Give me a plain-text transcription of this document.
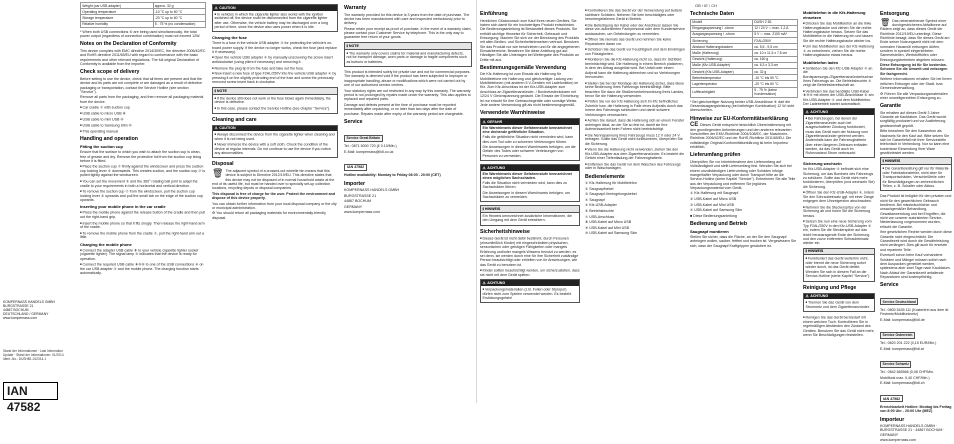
KOMPERNASS HANDELS GMBH
BURGSTRASSE 21
44867 BOCHUM
DEUTSCHLAND / GERMANY
www.kompernass.com
Stand der Informationen · Last Information Update · Stand der Informationen: 01/2014
Ident.-No.: DUSHB1-012014-1
IAN 47582
Weight (car USB adapter)	approx. 32 g
Operating temperature	-10 °C up to 50 °C
Storage temperature	-20 °C up to 60 °C
Relative humidity	5 - 75 % (no condensation)
* When both USB connections ⑥ are being used simultaneously, the total power output (regardless of connection combination) must not exceed 12W.
Notes on the Declaration of Conformity
This device complies with EMC directive 2014/30/EC, the directive 2006/42/EC and RoHS directive 2011/65/EU with regard to conformance with the basic requirements and other relevant regulations. The full original Declaration of Conformity is available from the importer.
Check scope of delivery
Before setting to use the device, check that all items are present and that the device and its parts are not complete or are damaged as a result of defective packaging or transportation, contact the Service Hotline (see section "Service").
Remove all parts from the packaging, and then remove all packaging material from the device.
■ Car cradle ⑦ with suction cup
■ USB cable to micro USB ⑧
■ USB cable to mini USB ⑨
■ USB cable to Samsung Slim ⑩
■ This operating manual
Handling and operation
Fitting the suction cup
Ensure that the surface to which you wish to attach the suction cup is clean, free of grease and dry. Remove the protective foil from the suction cup lining before it is fitted.
■ Place the suction cup ⑦ firmly against the windscreen and press the suction cup locking lever ② downwards. This creates suction, and the suction cup ⑦ is pulled tightly against the windscreen.
■ You can set the movement ③ and the 360° rotating ball joint to adapt the cradle to your requirements in both a horizontal and vertical direction.
■ To remove the suction cup ⑦ from the windscreen, pull the suction cup locking lever ② upwards and pull the small tab on the edge of the suction cup upwards.
Inserting your mobile phone in the car cradle
■ Press the mobile phone against the release button of the cradle and then pull out the right-hand grip.
■ Insert the mobile phone so that it fits snugly. Then release the right-hand arm of the cradle.
■ To remove the mobile phone from the cradle ⑦, pull the right-hand arm out a little.
Charging the mobile phone
■ Connect the adapter USB cable ⑧ to your vehicle cigarette lighter socket (cigarette lighter). The signal lamp ⑤ indicates that the device is ready for operation.
■ Connect the required USB cable ⑧⑨⑩ to one of the USB connections ⑥ on the car USB adapter ④ and the mobile phone. The charging function starts automatically.
⚠ CAUTION
■ In vehicles in which the cigarette lighter also works with the ignition switched off, the device must be disconnected from the cigarette lighter after use. Otherwise, the vehicle battery may be discharged over a long period of time, since the device also uses power when it is idle.
Changing the fuse
There is a fuse in the vehicle USB adapter ④ for protecting the vehicle's on-board power supply. If the device no longer works, check the fuse (and replace it if necessary).
■ Open the vehicle USB adapter ④ by manually unscrewing the screw insert anticlockwise (using pliers if necessary) and removing it.
■ Remove the plug tip from the fuse and take out the fuse.
■ Now insert a new fuse of type F2AL/250V into the vehicle USB adapter ④ by pressing it on the slightly protruding end of the fuse and screw the previously removed screw insert back in clockwise.
ℹ NOTE
■ If the device still does not work or the fuse blows again immediately, the device is defective.
■ In this case, please contact the Service Hotline (see chapter "Service").
Cleaning and care
⚠ CAUTION
■ Always disconnect the device from the cigarette lighter when cleaning and when it is not being used.
■ Never immerse the device with a soft cloth. Check the condition of the device at regular intervals. Do not continue to use the device if you notice any abnormalities.
Disposal
🗑 The adjacent symbol of a crossed-out wheelie bin means that this device is subject to Directive 2012/19/EU. This directive states that this device may not be disposed of in normal household waste at the end of its useful life, but must be handed over to specially set-up collection locations, recycling depots or disposal companies.
This disposal is free of charge for the user. Protect the environment and dispose of this device properly.
You can obtain further information from your local disposal company or the city or municipal administration.
♻ You should return all packaging materials for environmentally-friendly disposal.
Warranty
The warranty provided for this device is 3 years from the date of purchase. The device has been manufactured with care and inspected meticulously prior to delivery.
Please retain your receipt as proof of purchase. In the event of a warranty claim, please contact your Customer Service by telephone. This is the only way to guarantee free return of your goods.
ℹ NOTE
■ The warranty only covers claims for material and manufacturing defects, not for transport damage, worn parts or damage to fragile components such as buttons or batteries.
This product is intended solely for private use and not for commercial purposes. The warranty is deemed void if the product has been subjected to improper or inappropriate handling, abuse or modifications which were not carried out by one of our authorised service centres.
Your statutory rights are not restricted in any way by this warranty. The warranty period is not prolonged by repairs made under the warranty. This also applies to replaced and repaired parts.
Damage and defects present at the time of purchase must be reported immediately after unpacking, or no later than two days after the date of purchase. Repairs made after expiry of the warranty period are chargeable.
Service
Service Great Britain
Tel.: 0871 5000 720 (£ 0.10/Min.)
E-Mail: kompernass@lidl.co.uk
IAN 47582
Hotline availability: Monday to Friday 08:00 - 20:00 (CET)
Importer
KOMPERNASS HANDELS GMBH
BURGSTRASSE 21
44867 BOCHUM
GERMANY
www.kompernass.com
GB / IE / CH
Einführung
Herzlichen Glückwunsch zum Kauf Ihres neuen Gerätes. Sie haben sich damit für ein hochwertiges Produkt entschieden. Die Bedienungsanleitung ist Bestandteil dieses Produkts. Sie enthält wichtige Hinweise für Sicherheit, Gebrauch und Entsorgung. Machen Sie sich vor der Benutzung des Produkts mit allen Bedien- und Sicherheitshinweisen vertraut. Benutzen Sie das Produkt nur wie beschrieben und für die angegebenen Einsatzbereiche. Bewahren Sie diese Anleitung gut auf. Händigen Sie alle Unterlagen bei Weitergabe des Produkts an Dritte mit aus.
Bestimmungsgemäße Verwendung
Die Kfz-Halterung ist zum Einsatz als Halterung für Mobiltelefone mit Halterung und gleichzeitiger Ladung von Mobiltelefonen (mit anderen 5 V-Geräten mit Ladefunktion) im Kfz. Zum Kfz-Anschluss ist der Kfz-USB-Adapter zum Anschluss an Zigarettenanzünder- / Bordnetzsteckdosen mit 12/24 V Gleichspannung gedacht. Die Einsatz der Einrichtung ist nur erlaubt für Ihre Gebrauchsgeräte oder sonstige Weise. Jede andere Verwendung gilt als nicht bestimmungsgemäß.
Verwendete Warnhinweise
⚠ GEFAHR
Ein Warnhinweis dieser Gefahrenstufe kennzeichnet eine drohende gefährliche Situation.
Falls die gefährliche Situation nicht vermieden wird, kann dies zum Tod oder zu schweren Verletzungen führen.
Die Anweisungen in diesem Warnhinweis befolgen, um die Gefahr des Todes oder schwerer Verletzungen von Personen zu vermeiden.
⚠ ACHTUNG
Ein Warnhinweis dieser Gefahrenstufe kennzeichnet einen möglichen Sachschaden.
Falls die Situation nicht vermieden wird, kann dies zu Sachschäden führen.
Die Anweisungen in diesem Warnhinweis befolgen, um Sachschäden zu vermeiden.
ℹ HINWEIS
Ein Hinweis kennzeichnet zusätzliche Informationen, die den Umgang mit dem Gerät erleichtern.
Sicherheitshinweise
■ Dieses Gerät ist nicht dafür bestimmt, durch Personen (einschließlich Kinder) mit eingeschränkten physischen, sensorischen oder geistigen Fähigkeiten oder mangels Erfahrung und/oder mangels Wissens benutzt zu werden, es sei denn, sie werden durch eine für ihre Sicherheit zuständige Person beaufsichtigt oder erhielten von ihr Anweisungen, wie das Gerät zu benutzen ist.
■ Kinder sollten beaufsichtigt werden, um sicherzustellen, dass sie nicht mit dem Gerät spielen.
⚠ ACHTUNG
■ Verpackungsmaterialien (z.B. Folien oder Styropor) dürfen nicht zum Spielen verwendet werden. Es besteht Erstickungsgefahr!
■ Kontrollieren Sie das Gerät vor der Verwendung auf äußere sichtbare Schäden. Nehmen Sie kein beschädigtes oder heruntergefallenes Gerät in Betrieb.
■ Die Befestigung der Kabel oder der Anschluss lassen Sie diese von autorisierten Fachpersonal oder dem Kundenservice austauschen, um Gefahrdungen zu vermeiden.
■ Öffnen Sie niemals das Gerät und nehmen Sie keine Reparaturen daran vor.
■ Schützen Sie das Gerät vor Feuchtigkeit und dem Eindringen von Flüssigkeiten.
■ Montieren Sie die Kfz-Halterung nicht so, dass Ihr Sichtfeld beeinträchtigt wird. Die Halterung in einem Bereich platzieren, in dem der Airbag ausgelöst wird. Bei Unfall oder einem Aufprall kann die Halterung abbrechen und so Verletzungen hervorrufen.
■ Stellen Sie bei der Montage der Halterung sicher, dass diese keine Bedienung Ihres Fahrzeugs beeinträchtigt. Bitte beachten Sie dazu die Straßenverkehrsordnung Ihres Landes, bevor Sie die Halterung verwenden.
■ Prüfen Sie vor der Kfz-Halterung sich im Kfz befindliches Zubehör bzw. die Halterung in Falle eines Aufpralls durch das Innere des Fahrzeugs schleudern und damit schwere Verletzungen verursachen.
■ Achten Sie darauf, dass die Halterung sich an einem Fenster anbringen lässt, an der Sie so fest ist, damit sie Ihre Aufmerksamkeit beim Fahren nicht beeinträchtigt.
■ Die Nennspannung Ihres Fahrzeugs muss 12 V oder 24 V betragen. Sollte das Gerät nicht funktionieren, überprüfen Sie die Sicherung.
■ Wenn Sie die Halterung nicht verwenden, ziehen Sie den Kfz-USB-Adapter aus dem Zigarettenanzünder. Es besteht die Gefahr einer Tiefentladung der Fahrzeugbatterie.
■ Entfernen Sie das Gerät vor dem Waschen des Fahrzeugs oder in Waschanlagen.
Bedienelemente
① Kfz-Halterung für Mobiltelefon
② Saugnapfhebel
③ Saugnapf-Verriegelungshebel
④ Saugnapf
⑤ Kfz-USB-Adapter
⑥ Betriebsleuchte
⑦ USB-Anschluss
⑧ USB-Kabel auf Micro USB
⑨ USB-Kabel auf Mini USB
⑩ USB-Kabel auf Samsung Slim
Technische Daten
Modell	DUSH 2 B1
Eingangsspannung / -strom	12 / 24 V ⎓ max. 1,2 A
Ausgangsspannung / -strom	5 V ⎓ max. 2100 mA*
Sicherung	F2AL/250V
Abstand Halterungsbacken	ca. 5,5 - 9,5 cm
Maße (Halterung)	ca. 10 x 11,5 x 7,5 cm
Gewicht (Halterung)	ca. 160 g
Maße (Kfz-USB-Adapter)	ca. 6,3 x 3,3 cm
Gewicht (Kfz-USB-Adapter)	ca. 32 g
Betriebstemperatur	-10 °C bis 50 °C
Lagertemperatur	-20 °C bis 60 °C
Luftfeuchtigkeit	5 - 75 % (keine Kondensation)
* Bei gleichzeitiger Nutzung beider USB-Anschlüsse ⑥ darf die Gesamtausgangsleistung (bei beliebiger Kombination) 12 W nicht überschreiten.
Hinweise zur EU-Konformitätserklärung
CE Dieses Gerät entspricht hinsichtlich Übereinstimmung mit den grundlegenden Anforderungen und den anderen relevanten Vorschriften der EMV-Richtlinie 2004/108/EC, der Maschinen-Richtlinie 2006/42/EC und der RoHS-Richtlinie 2011/65/EU. Die vollständige Original-Konformitätserklärung ist beim Importeur erhältlich.
Lieferumfang prüfen
Überprüfen Sie vor Inbetriebnahme den Lieferumfang auf Vollständigkeit und stellt Lieferumfang fest. Wenden Sie sich bei einem unvollständigen Lieferumfang oder Schäden infolge mangelhafter Verpackung oder durch Transport bitte an die Service-Hotline (siehe Kapitel "Service"). Entnehmen Sie alle Teile aus der Verpackung und entfernen Sie jegliches Verpackungsmaterial vom Gerät.
① Kfz-Halterung mit Saugnapf
② USB-Kabel auf Micro USB
③ USB-Kabel auf Mini USB
④ USB-Kabel auf Samsung Slim
■ Diese Bedienungsanleitung
Bedienung und Betrieb
Saugnapf montieren
Stellen Sie sicher, dass die Fläche, an der Sie den Saugnapf anbringen wollen, sauber, fettfrei und trocken ist. Vergewissern Sie sich, dass der Saugnapf Kraftgrippen gesäubert ist.
Mobiltelefon in die Kfz-Halterung einsetzen
■ Drücken Sie das Mobiltelefon an die linke Halterungsbacke und ziehen Sie die rechte Halterungsbacke heraus. Setzen Sie das Mobiltelefon in die Halterung ein und lassen Sie die rechte Halterungsbacke wieder los.
■ Um das Mobiltelefon aus der Kfz-Halterung ① zu entnehmen, ziehen Sie die rechte Halterungsbacke etwas heraus.
Mobiltelefon laden
■ Schließen Sie den Kfz-USB-Adapter ④ an die Bordspannungs-/Zigarettenanzünderbuchse Ihres Fahrzeugs an. Die Betriebsleuchte ⑤ zeigt die Betriebsbereitschaft an.
■ Verbinden Sie das benötigte USB-Kabel ⑧⑨⑩ mit einem der USB-Anschlüsse ⑥ am Kfz-USB-Adapter ④ und dem Mobiltelefon. Der Ladebetrieb startet automatisch.
⚠ ACHTUNG
■ Bei Fahrzeugen, bei denen der Zigarettenanzünder auch bei ausgeschalteter Zündung funktioniert, muss das Gerät nach der Nutzung vom Zigarettenanzünder getrennt werden. Andernfalls kann die Fahrzeugbatterie über einen längeren Zeitraum entladen werden, da das Gerät auch im Ruhezustand Strom verbraucht.
Sicherung wechseln
Im Kfz-USB-Adapter ④ befindet sich eine Sicherung, um das Bordnetz des Fahrzeugs zu schützen. Sollte das Gerät nicht mehr funktionieren, überprüfen (und wechseln Sie) die Sicherung.
■ Öffnen Sie den Kfz-USB-Adapter ④, indem Sie den Schraubeinsatz ggf. mit einer Zange entgegen dem Uhrzeigersinn abschrauben.
■ Nehmen Sie die Steckerspitze von der Sicherung ab und holen Sie die Sicherung heraus.
■ Setzen Sie nun eine neue Sicherung vom Typ F2AL/250V in den Kfz-USB-Adapter ④ ein, indem Sie die Steckerspitze auf das leicht herausragende Ende der Sicherung und den zuvor entfernten Schraubeinsatz wieder ein.
ℹ HINWEIS
■ Funktioniert das Gerät weiterhin nicht, oder brennt die neue Sicherung sofort wieder durch, ist das Gerät defekt. Wenden Sie sich in diesem Fall an die Service-Hotline (siehe Kapitel "Service").
Reinigung und Pflege
⚠ ACHTUNG
■ Trennen Sie das Gerät von dem Stromnetz und dem Zigarettenanzünder.
■ Reinigen Sie das Gerät bei Bedarf mit einem weichen Tuch. Kontrollieren Sie in regelmäßigen Abständen den Zustand des Gerätes. Benutzen Sie das Gerät nicht mehr, wenn Sie Beschädigungen feststellen.
Entsorgung
🗑 Das nebenstehende Symbol einer durchgestrichenen Abfalltonne auf Rädern zeigt an, dass dieses Gerät der Richtlinie 2012/19/EU unterliegt. Diese Richtlinie besagt, dass Sie dieses Gerät am Ende seiner Nutzungszeit nicht mit dem normalen Hausmüll entsorgen dürfen, sondern in speziell eingerichteten Sammelstellen, Wertstoffhöfen oder Entsorgungsbetrieben abgeben müssen.
Diese Entsorgung ist für Sie kostenlos. Schonen Sie die Umwelt und entsorgen Sie fachgerecht.
Weitere Informationen erhalten Sie bei Ihrem örtlichen Entsorger oder der Stadt- bzw. Gemeindeverwaltung.
♻ Führen Sie alle Verpackungsmaterialien einer umweltgerechten Entsorgung zu.
Garantie
Sie erhalten auf dieses Gerät 3 Jahre Garantie ab Kaufdatum. Das Gerät wurde sorgfältig produziert und vor Auslieferung gewissenhaft geprüft.
Bitte bewahren Sie den Kassenbon als Nachweis für den Kauf auf. Bitte setzen Sie sich im Garantiefall mit Ihrer Servicestelle telefonisch in Verbindung. Nur so kann eine kostenlose Einsendung Ihrer Ware gewährleistet werden.
ℹ HINWEIS
■ Die Garantieleistung gilt nur für Material- oder Fabrikationsfehler, nicht aber für Transportschäden, Verschleißteile oder für Beschädigungen an zerbrechlichen Teilen, z. B. Schalter oder Akkus.
Das Produkt ist lediglich für den privaten und nicht für den gewerblichen Gebrauch bestimmt. Bei missbräuchlicher und unsachgemäßer Behandlung, Gewaltanwendung und bei Eingriffen, die nicht von unserer autorisierten Service-Niederlassung vorgenommen wurden, erlischt die Garantie.
Ihre gesetzlichen Rechte werden durch diese Garantie nicht eingeschränkt. Die Garantiezeit wird durch die Gewährleistung nicht verlängert. Dies gilt auch für ersetzte und reparierte Teile.
Eventuell schon beim Kauf vorhandene Schäden und Mängel müssen sofort nach dem Auspacken gemeldet werden, spätestens aber zwei Tage nach Kaufdatum. Nach Ablauf der Garantiezeit anfallende Reparaturen sind kostenpflichtig.
Service
Service Deutschland
Tel.: 0800 5435 111 (Kostenfrei aus dem dt. Festnetz/Mobilfunknetz)
E-Mail: kompernass@lidl.de
Service Österreich
Tel.: 0820 201 222 (0,15 EUR/Min.)
E-Mail: kompernass@lidl.at
Service Schweiz
Tel.: 0842 665566 (0,08 CHF/Min.
Mobilfunk max. 0,40 CHF/Min.)
E-Mail: kompernass@lidl.ch
IAN 47582
Erreichbarkeit Hotline: Montag bis Freitag von 8:00 Uhr - 20:00 Uhr (MEZ)
Importeur
KOMPERNASS HANDELS GMBH · BURGSTRASSE 21 · 44867 BOCHUM · GERMANY
www.kompernass.com
